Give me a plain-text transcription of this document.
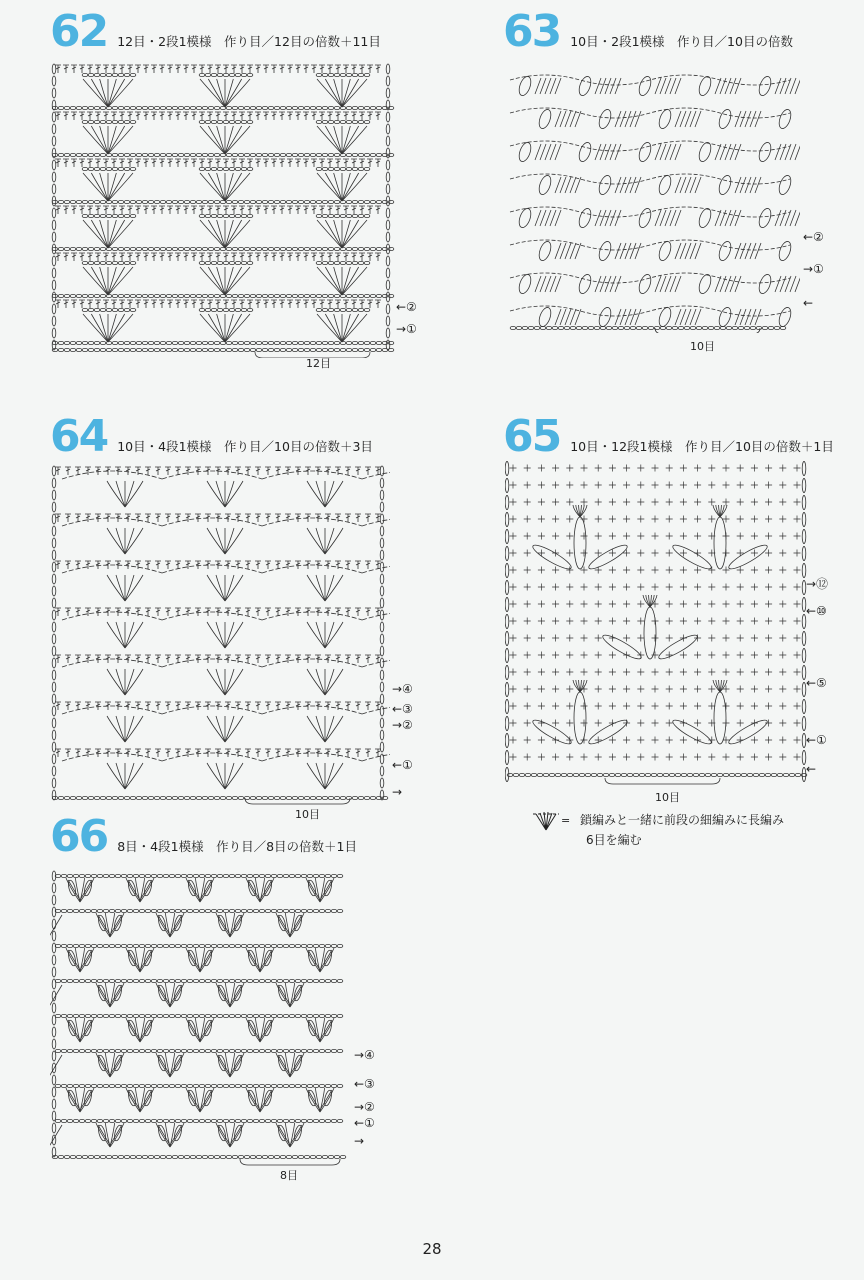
62 12目・2段1模様　作り目／12目の倍数＋11目
←②
→①
12目
63 10目・2段1模様　作り目／10目の倍数
←②
→①
←
10目
64 10目・4段1模様　作り目／10目の倍数＋3目
→④
←③
→②
←①
→
10目
65 10目・12段1模様　作り目／10目の倍数＋1目
→⑫
←⑩
←⑤
←①
←
10目
= 鎖編みと一緒に前段の細編みに長編み
6目を編む
66 8目・4段1模様　作り目／8目の倍数＋1目
→④
←③
→②
←①
→
8目
28
